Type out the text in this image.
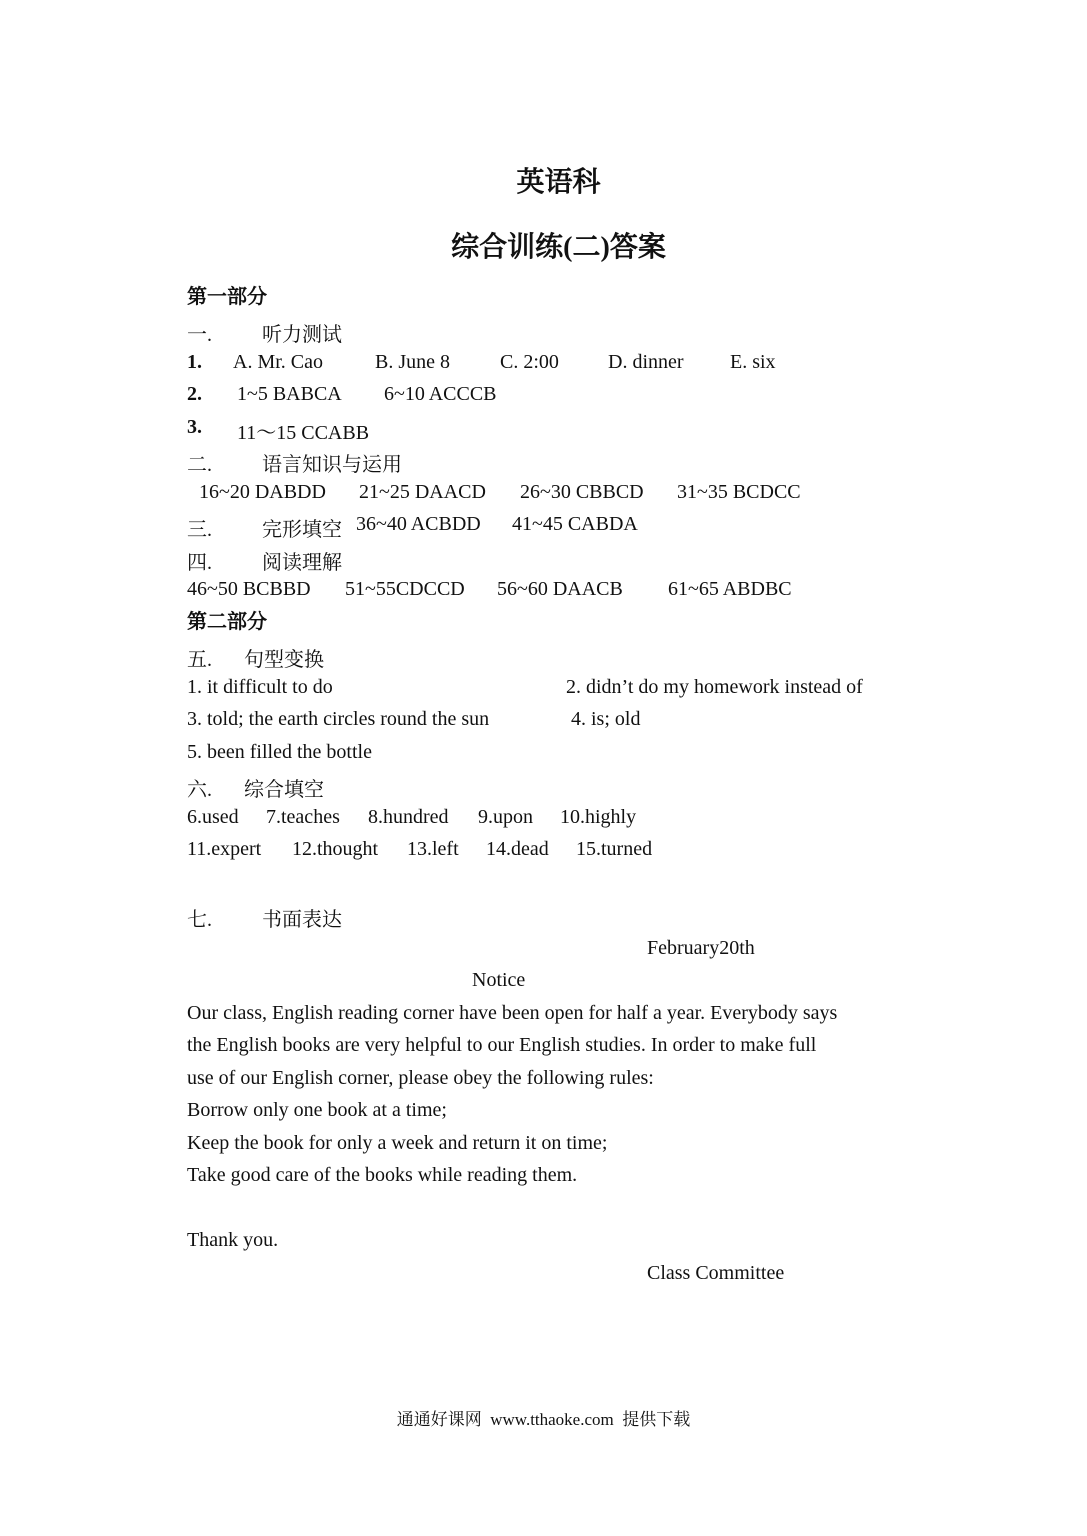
英语科
综合训练(二)答案
第一部分
一.	听力测试
1. A. Mr. Cao	B. June 8	C. 2:00 D. dinner E. six
2. 1~5 BABCA 6~10 ACCCB
3. 11～15 CCABB
二.	语言知识与运用
16~20 DABDD 21~25 DAACD 26~30 CBBCD 31~35 BCDCC
三.	完形填空 36~40 ACBDD 41~45 CABDA
四.	阅读理解
46~50 BCBBD 51~55CDCCD 56~60 DAACB 61~65 ABDBC
第二部分
五. 句型变换
1. it difficult to do	2. didn’t do my homework instead of
3. told; the earth circles round the sun	4. is; old
5. been filled the bottle
六. 综合填空
6.used 7.teaches 8.hundred 9.upon 10.highly
11.expert 12.thought 13.left 14.dead 15.turned
七.	书面表达
February20th
Notice
Our class, English reading corner have been open for half a year. Everybody says
the English books are very helpful to our English studies. In order to make full
use of our English corner, please obey the following rules:
Borrow only one book at a time;
Keep the book for only a week and return it on time;
Take good care of the books while reading them.
Thank you.
Class Committee
通通好课网  www.tthaoke.com  提供下载
